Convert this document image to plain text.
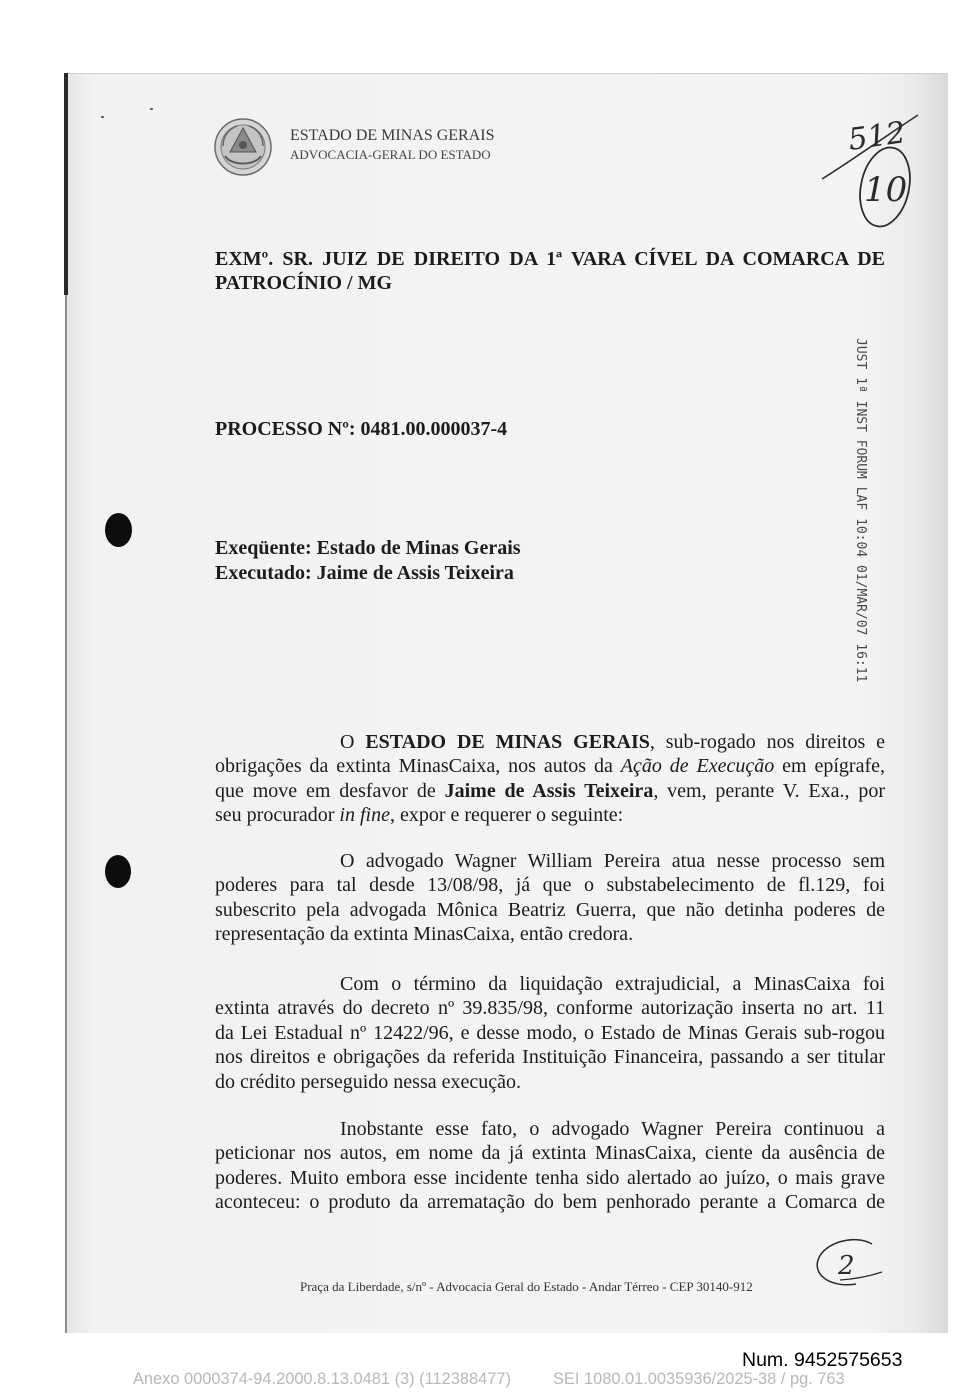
ESTADO DE MINAS GERAIS
ADVOCACIA-GERAL DO ESTADO	512
10
EXMº. SR. JUIZ DE DIREITO DA 1ª VARA CÍVEL DA COMARCA DE
PATROCÍNIO / MG
JUST 1ª INST FORUM LAF 10:04 01/MAR/07 16:11
PROCESSO Nº: 0481.00.000037-4
Exeqüente: Estado de Minas Gerais
Executado: Jaime de Assis Teixeira
O ESTADO DE MINAS GERAIS, sub-rogado nos direitos e
obrigações da extinta MinasCaixa, nos autos da Ação de Execução em epígrafe,
que move em desfavor de Jaime de Assis Teixeira, vem, perante V. Exa., por
seu procurador in fine, expor e requerer o seguinte:
O advogado Wagner William Pereira atua nesse processo sem
poderes para tal desde 13/08/98, já que o substabelecimento de fl.129, foi
subescrito pela advogada Mônica Beatriz Guerra, que não detinha poderes de
representação da extinta MinasCaixa, então credora.
Com o término da liquidação extrajudicial, a MinasCaixa foi
extinta através do decreto nº 39.835/98, conforme autorização inserta no art. 11
da Lei Estadual nº 12422/96, e desse modo, o Estado de Minas Gerais sub-rogou
nos direitos e obrigações da referida Instituição Financeira, passando a ser titular
do crédito perseguido nessa execução.
Inobstante esse fato, o advogado Wagner Pereira continuou a
peticionar nos autos, em nome da já extinta MinasCaixa, ciente da ausência de
poderes. Muito embora esse incidente tenha sido alertado ao juízo, o mais grave
aconteceu: o produto da arrematação do bem penhorado perante a Comarca de
2
Praça da Liberdade, s/nº - Advocacia Geral do Estado - Andar Térreo - CEP 30140-912
Num. 9452575653
Anexo 0000374-94.2000.8.13.0481 (3) (112388477)	SEI 1080.01.0035936/2025-38 / pg. 763
